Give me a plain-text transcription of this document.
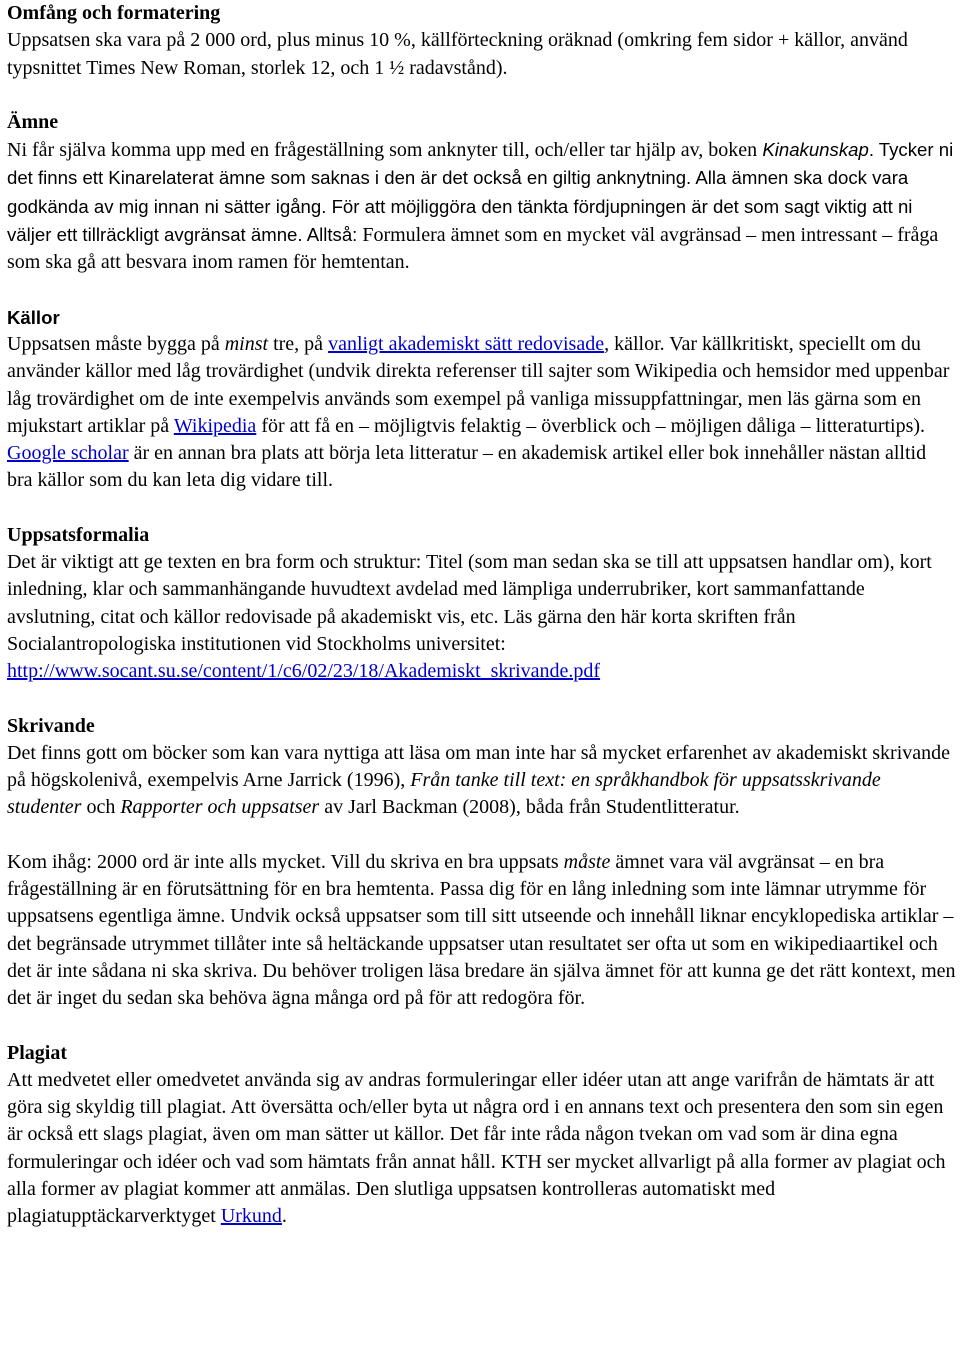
Omfång och formatering

Uppsatsen ska vara på 2 000 ord, plus minus 10 %, källförteckning oräknad (omkring fem sidor + källor, använd typsnittet Times New Roman, storlek 12, och 1 ½ radavstånd).

Ämne

Ni får själva komma upp med en frågeställning som anknyter till, och/eller tar hjälp av, boken Kinakunskap. Tycker ni det finns ett Kinarelaterat ämne som saknas i den är det också en giltig anknytning. Alla ämnen ska dock vara godkända av mig innan ni sätter igång. För att möjliggöra den tänkta fördjupningen är det som sagt viktig att ni väljer ett tillräckligt avgränsat ämne. Alltså: Formulera ämnet som en mycket väl avgränsad – men intressant – fråga som ska gå att besvara inom ramen för hemtentan.

Källor

Uppsatsen måste bygga på minst tre, på vanligt akademiskt sätt redovisade, källor. Var källkritiskt, speciellt om du använder källor med låg trovärdighet (undvik direkta referenser till sajter som Wikipedia och hemsidor med uppenbar låg trovärdighet om de inte exempelvis används som exempel på vanliga missuppfattningar, men läs gärna som en mjukstart artiklar på Wikipedia för att få en – möjligtvis felaktig – överblick och – möjligen dåliga – litteraturtips). Google scholar är en annan bra plats att börja leta litteratur – en akademisk artikel eller bok innehåller nästan alltid bra källor som du kan leta dig vidare till.

Uppsatsformalia

Det är viktigt att ge texten en bra form och struktur: Titel (som man sedan ska se till att uppsatsen handlar om), kort inledning, klar och sammanhängande huvudtext avdelad med lämpliga underrubriker, kort sammanfattande avslutning, citat och källor redovisade på akademiskt vis, etc. Läs gärna den här korta skriften från Socialantropologiska institutionen vid Stockholms universitet:
http://www.socant.su.se/content/1/c6/02/23/18/Akademiskt_skrivande.pdf

Skrivande

Det finns gott om böcker som kan vara nyttiga att läsa om man inte har så mycket erfarenhet av akademiskt skrivande på högskolenivå, exempelvis Arne Jarrick (1996), Från tanke till text: en språkhandbok för uppsatsskrivande studenter och Rapporter och uppsatser av Jarl Backman (2008), båda från Studentlitteratur.

Kom ihåg: 2000 ord är inte alls mycket. Vill du skriva en bra uppsats måste ämnet vara väl avgränsat – en bra frågeställning är en förutsättning för en bra hemtenta. Passa dig för en lång inledning som inte lämnar utrymme för uppsatsens egentliga ämne. Undvik också uppsatser som till sitt utseende och innehåll liknar encyklopediska artiklar – det begränsade utrymmet tillåter inte så heltäckande uppsatser utan resultatet ser ofta ut som en wikipediaartikel och det är inte sådana ni ska skriva. Du behöver troligen läsa bredare än själva ämnet för att kunna ge det rätt kontext, men det är inget du sedan ska behöva ägna många ord på för att redogöra för.

Plagiat

Att medvetet eller omedvetet använda sig av andras formuleringar eller idéer utan att ange varifrån de hämtats är att göra sig skyldig till plagiat. Att översätta och/eller byta ut några ord i en annans text och presentera den som sin egen är också ett slags plagiat, även om man sätter ut källor. Det får inte råda någon tvekan om vad som är dina egna formuleringar och idéer och vad som hämtats från annat håll. KTH ser mycket allvarligt på alla former av plagiat och alla former av plagiat kommer att anmälas. Den slutliga uppsatsen kontrolleras automatiskt med plagiatupptäckarverktyget Urkund.
